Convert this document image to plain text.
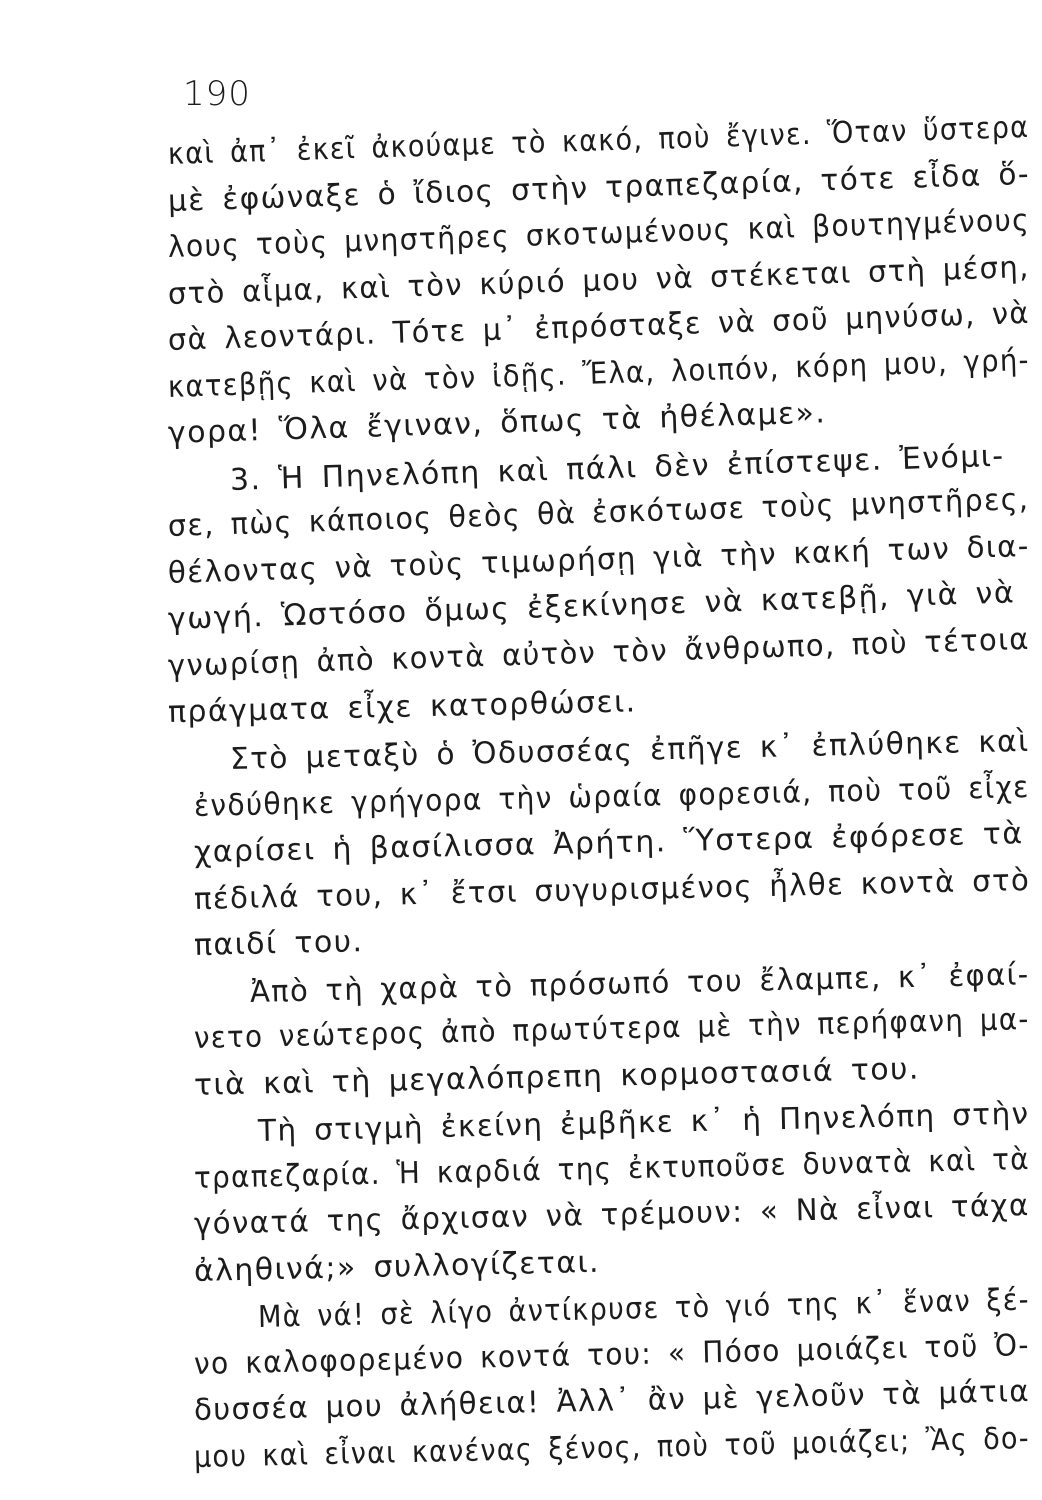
190
καὶ ἀπ᾽ ἐκεῖ ἀκούαμε τὸ κακό, ποὺ ἔγινε. Ὅταν ὕστερα
μὲ ἐφώναξε ὁ ἴδιος στὴν τραπεζαρία, τότε εἶδα ὅ-
λους τοὺς μνηστῆρες σκοτωμένους καὶ βουτηγμένους
στὸ αἷμα, καὶ τὸν κύριό μου νὰ στέκεται στὴ μέση,
σὰ λεοντάρι. Τότε μ᾽ ἐπρόσταξε νὰ σοῦ μηνύσω, νὰ
κατεβῇς καὶ νὰ τὸν ἰδῇς. Ἔλα, λοιπόν, κόρη μου, γρή-
γορα! Ὅλα ἔγιναν, ὅπως τὰ ἠθέλαμε».
3. Ἡ Πηνελόπη καὶ πάλι δὲν ἐπίστεψε. Ἐνόμι-
σε, πὼς κάποιος θεὸς θὰ ἐσκότωσε τοὺς μνηστῆρες,
θέλοντας νὰ τοὺς τιμωρήσῃ γιὰ τὴν κακή των δια-
γωγή. Ὡστόσο ὅμως ἐξεκίνησε νὰ κατεβῇ, γιὰ νὰ
γνωρίσῃ ἀπὸ κοντὰ αὐτὸν τὸν ἄνθρωπο, ποὺ τέτοια
πράγματα εἶχε κατορθώσει.
Στὸ μεταξὺ ὁ Ὀδυσσέας ἐπῆγε κ᾽ ἐπλύθηκε καὶ
ἐνδύθηκε γρήγορα τὴν ὡραία φορεσιά, ποὺ τοῦ εἶχε
χαρίσει ἡ βασίλισσα Ἀρήτη. Ὕστερα ἐφόρεσε τὰ
πέδιλά του, κ᾽ ἔτσι συγυρισμένος ἦλθε κοντὰ στὸ
παιδί του.
Ἀπὸ τὴ χαρὰ τὸ πρόσωπό του ἔλαμπε, κ᾽ ἐφαί-
νετο νεώτερος ἀπὸ πρωτύτερα μὲ τὴν περήφανη μα-
τιὰ καὶ τὴ μεγαλόπρεπη κορμοστασιά του.
Τὴ στιγμὴ ἐκείνη ἐμβῆκε κ᾽ ἡ Πηνελόπη στὴν
τραπεζαρία. Ἡ καρδιά της ἐκτυποῦσε δυνατὰ καὶ τὰ
γόνατά της ἄρχισαν νὰ τρέμουν: « Νὰ εἶναι τάχα
ἀληθινά;» συλλογίζεται.
Μὰ νά! σὲ λίγο ἀντίκρυσε τὸ γιό της κ᾽ ἕναν ξέ-
νο καλοφορεμένο κοντά του: « Πόσο μοιάζει τοῦ Ὀ-
δυσσέα μου ἀλήθεια! Ἀλλ᾽ ἂν μὲ γελοῦν τὰ μάτια
μου καὶ εἶναι κανένας ξένος, ποὺ τοῦ μοιάζει; Ἂς δο-
